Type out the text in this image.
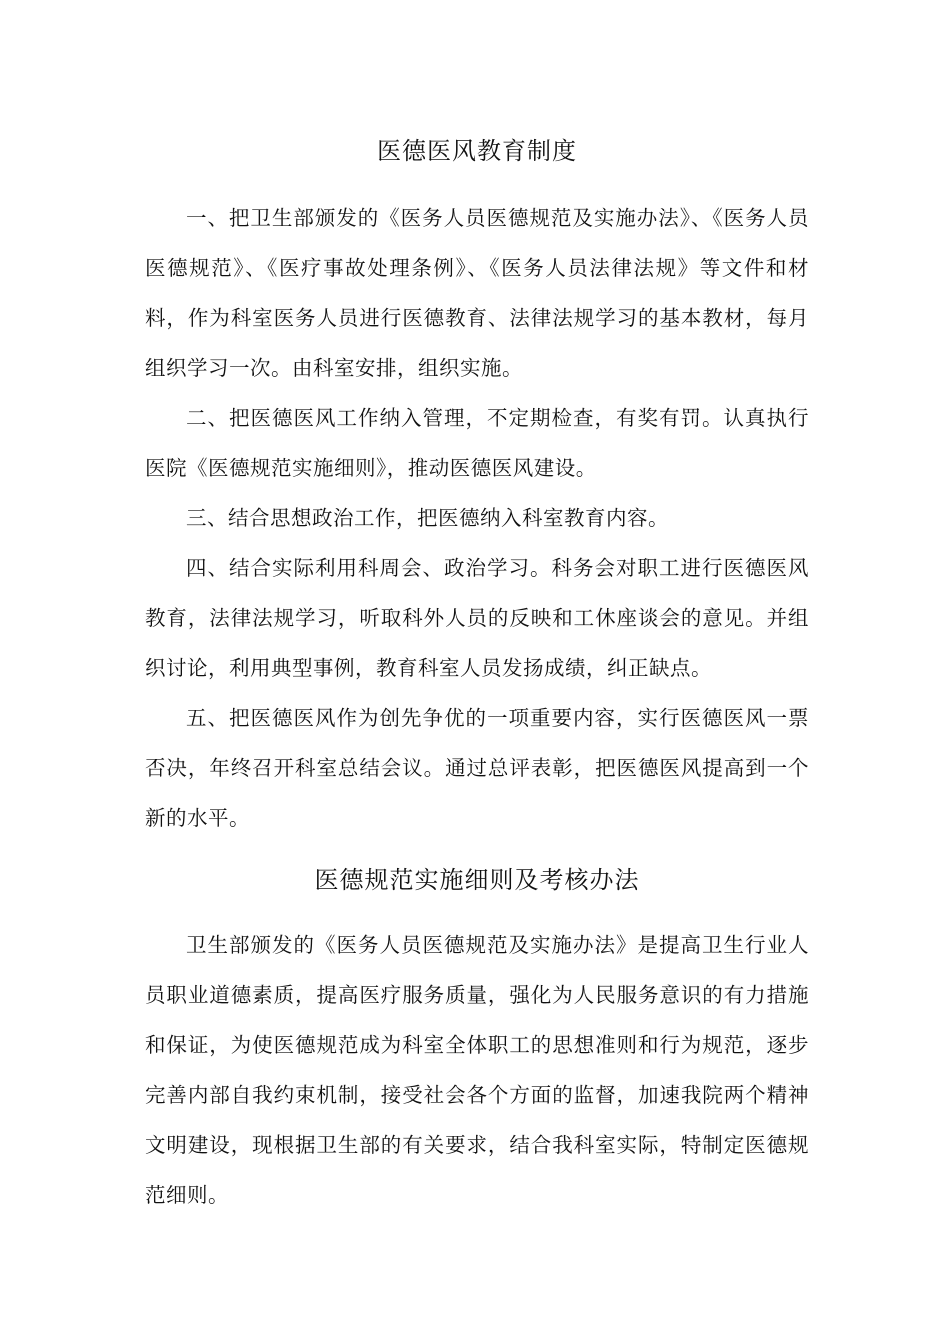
医德医风教育制度

一、把卫生部颁发的《医务人员医德规范及实施办法》、《医务人员医德规范》、《医疗事故处理条例》、《医务人员法律法规》等文件和材料，作为科室医务人员进行医德教育、法律法规学习的基本教材，每月组织学习一次。由科室安排，组织实施。

二、把医德医风工作纳入管理，不定期检查，有奖有罚。认真执行医院《医德规范实施细则》，推动医德医风建设。

三、结合思想政治工作，把医德纳入科室教育内容。

四、结合实际利用科周会、政治学习。科务会对职工进行医德医风教育，法律法规学习，听取科外人员的反映和工休座谈会的意见。并组织讨论，利用典型事例，教育科室人员发扬成绩，纠正缺点。

五、把医德医风作为创先争优的一项重要内容，实行医德医风一票否决，年终召开科室总结会议。通过总评表彰，把医德医风提高到一个新的水平。

医德规范实施细则及考核办法

卫生部颁发的《医务人员医德规范及实施办法》是提高卫生行业人员职业道德素质，提高医疗服务质量，强化为人民服务意识的有力措施和保证，为使医德规范成为科室全体职工的思想准则和行为规范，逐步完善内部自我约束机制，接受社会各个方面的监督，加速我院两个精神文明建设，现根据卫生部的有关要求，结合我科室实际，特制定医德规范细则。
